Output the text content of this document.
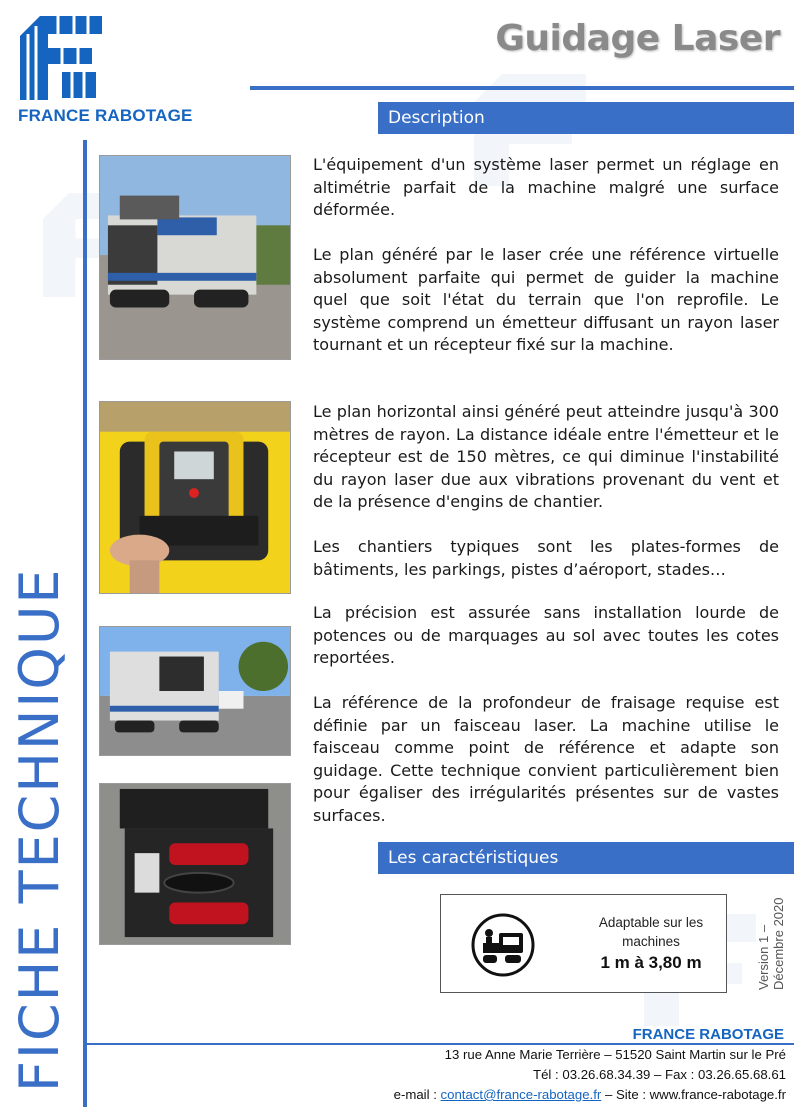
FRANCE RABOTAGE
Guidage Laser
Description
FICHE TECHNIQUE

L'équipement d'un système laser permet un réglage en altimétrie parfait de la machine malgré une surface déformée.

Le plan généré par le laser crée une référence virtuelle absolument parfaite qui permet de guider la machine quel que soit l'état du terrain que l'on reprofile. Le système comprend un émetteur diffusant un rayon laser tournant et un récepteur fixé sur la machine.

Le plan horizontal ainsi généré peut atteindre jusqu'à 300 mètres de rayon. La distance idéale entre l'émetteur et le récepteur est de 150 mètres, ce qui diminue l'instabilité du rayon laser due aux vibrations provenant du vent et de la présence d'engins de chantier.

Les chantiers typiques sont les plates-formes de bâtiments, les parkings, pistes d’aéroport, stades…

La précision est assurée sans installation lourde de potences ou de marquages au sol avec toutes les cotes reportées.

La référence de la profondeur de fraisage requise est définie par un faisceau laser. La machine utilise le faisceau comme point de référence et adapte son guidage. Cette technique convient particulièrement bien pour égaliser des irrégularités présentes sur de vastes surfaces.

Les caractéristiques
Adaptable sur les machines
1 m à 3,80 m	Version 1 – Décembre 2020
FRANCE RABOTAGE
13 rue Anne Marie Terrière – 51520 Saint Martin sur le Pré
Tél : 03.26.68.34.39 – Fax : 03.26.65.68.61
e-mail : contact@france-rabotage.fr – Site : www.france-rabotage.fr
